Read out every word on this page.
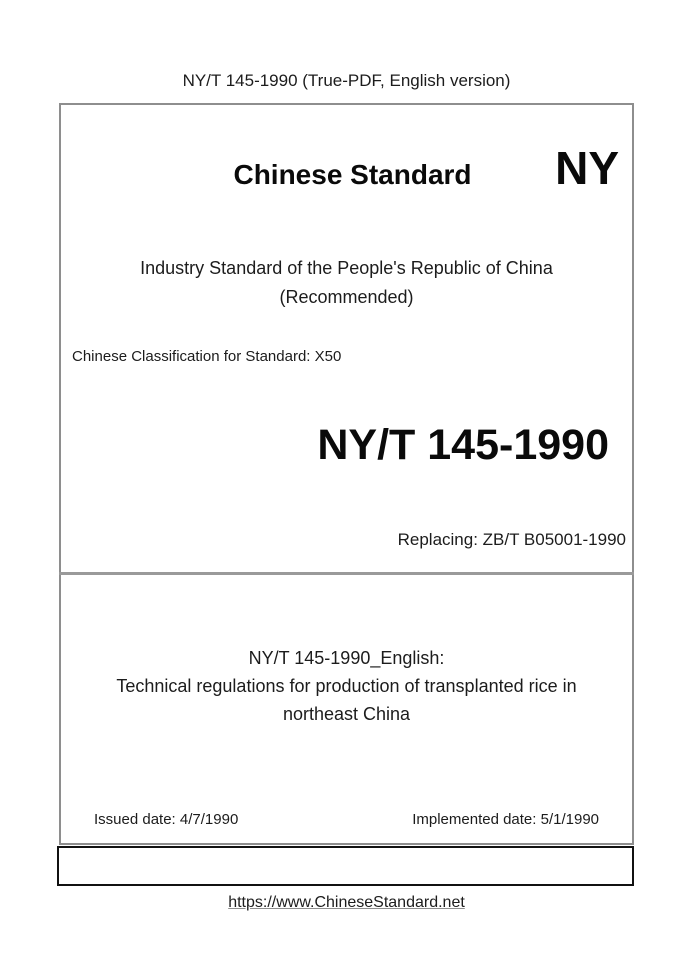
NY/T 145-1990 (True-PDF, English version)
Chinese Standard	NY
Industry Standard of the People's Republic of China
(Recommended)
Chinese Classification for Standard: X50
NY/T 145-1990
Replacing: ZB/T B05001-1990
NY/T 145-1990_English:
Technical regulations for production of transplanted rice in
northeast China
Issued date: 4/7/1990	Implemented date: 5/1/1990
https://www.ChineseStandard.net
